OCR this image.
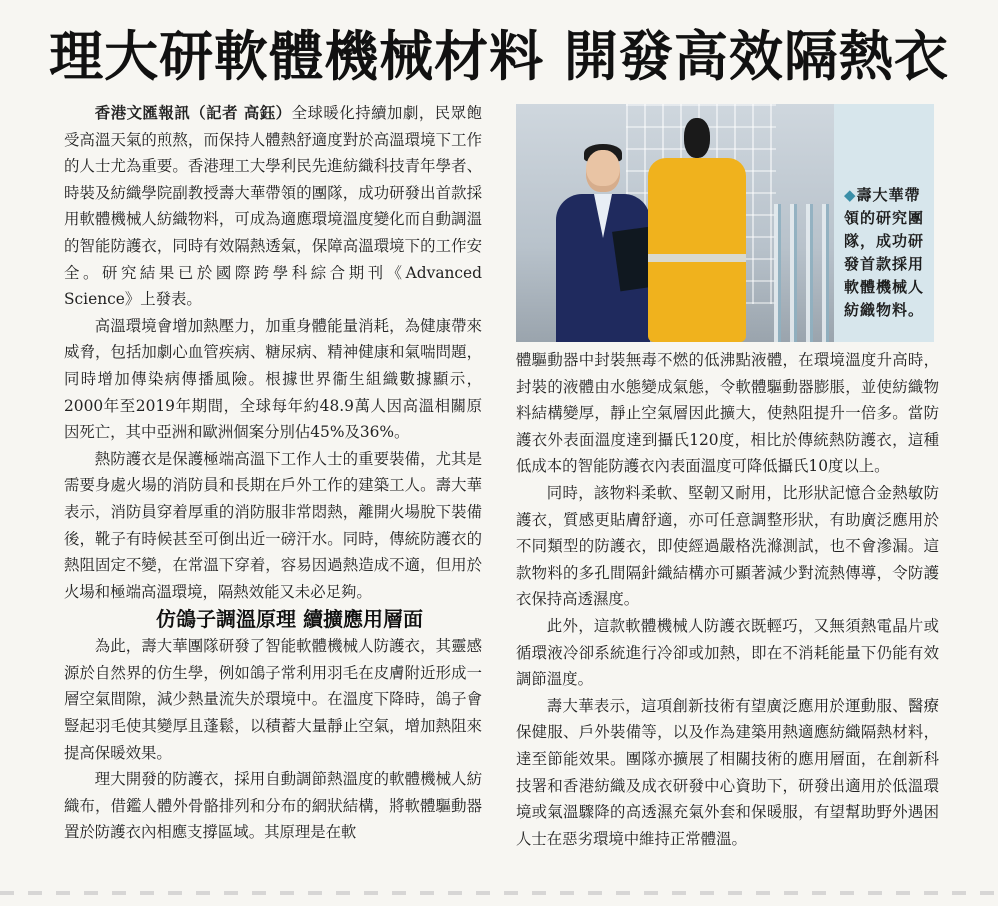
理大研軟體機械材料 開發高效隔熱衣

香港文匯報訊（記者 高鈺）全球暖化持續加劇，民眾飽受高溫天氣的煎熬，而保持人體熱舒適度對於高溫環境下工作的人士尤為重要。香港理工大學利民先進紡織科技青年學者、時裝及紡織學院副教授壽大華帶領的團隊，成功研發出首款採用軟體機械人紡織物料，可成為適應環境溫度變化而自動調溫的智能防護衣，同時有效隔熱透氣，保障高溫環境下的工作安全。研究結果已於國際跨學科綜合期刊《Advanced Science》上發表。

高溫環境會增加熱壓力，加重身體能量消耗，為健康帶來威脅，包括加劇心血管疾病、糖尿病、精神健康和氣喘問題，同時增加傳染病傳播風險。根據世界衞生組織數據顯示，2000年至2019年期間，全球每年約48.9萬人因高溫相關原因死亡，其中亞洲和歐洲個案分別佔45%及36%。

熱防護衣是保護極端高溫下工作人士的重要裝備，尤其是需要身處火場的消防員和長期在戶外工作的建築工人。壽大華表示，消防員穿着厚重的消防服非常悶熱，離開火場脫下裝備後，靴子有時候甚至可倒出近一磅汗水。同時，傳統防護衣的熱阻固定不變，在常溫下穿着，容易因過熱造成不適，但用於火場和極端高溫環境，隔熱效能又未必足夠。

仿鴿子調溫原理 續擴應用層面

為此，壽大華團隊研發了智能軟體機械人防護衣，其靈感源於自然界的仿生學，例如鴿子常利用羽毛在皮膚附近形成一層空氣間隙，減少熱量流失於環境中。在溫度下降時，鴿子會豎起羽毛使其變厚且蓬鬆，以積蓄大量靜止空氣，增加熱阻來提高保暖效果。

理大開發的防護衣，採用自動調節熱溫度的軟體機械人紡織布，借鑑人體外骨骼排列和分布的網狀結構，將軟體驅動器置於防護衣內相應支撐區域。其原理是在軟

◆壽大華帶領的研究團隊，成功研發首款採用軟體機械人紡織物料。

體驅動器中封裝無毒不燃的低沸點液體，在環境溫度升高時，封裝的液體由水態變成氣態，令軟體驅動器膨脹，並使紡織物料結構變厚，靜止空氣層因此擴大，使熱阻提升一倍多。當防護衣外表面溫度達到攝氏120度，相比於傳統熱防護衣，這種低成本的智能防護衣內表面溫度可降低攝氏10度以上。

同時，該物料柔軟、堅韌又耐用，比形狀記憶合金熱敏防護衣，質感更貼膚舒適，亦可任意調整形狀，有助廣泛應用於不同類型的防護衣，即使經過嚴格洗滌測試，也不會滲漏。這款物料的多孔間隔針織結構亦可顯著減少對流熱傳導，令防護衣保持高透濕度。

此外，這款軟體機械人防護衣既輕巧，又無須熱電晶片或循環液冷卻系統進行冷卻或加熱，即在不消耗能量下仍能有效調節溫度。

壽大華表示，這項創新技術有望廣泛應用於運動服、醫療保健服、戶外裝備等，以及作為建築用熱適應紡織隔熱材料，達至節能效果。團隊亦擴展了相關技術的應用層面，在創新科技署和香港紡織及成衣研發中心資助下，研發出適用於低溫環境或氣溫驟降的高透濕充氣外套和保暖服，有望幫助野外遇困人士在惡劣環境中維持正常體溫。
